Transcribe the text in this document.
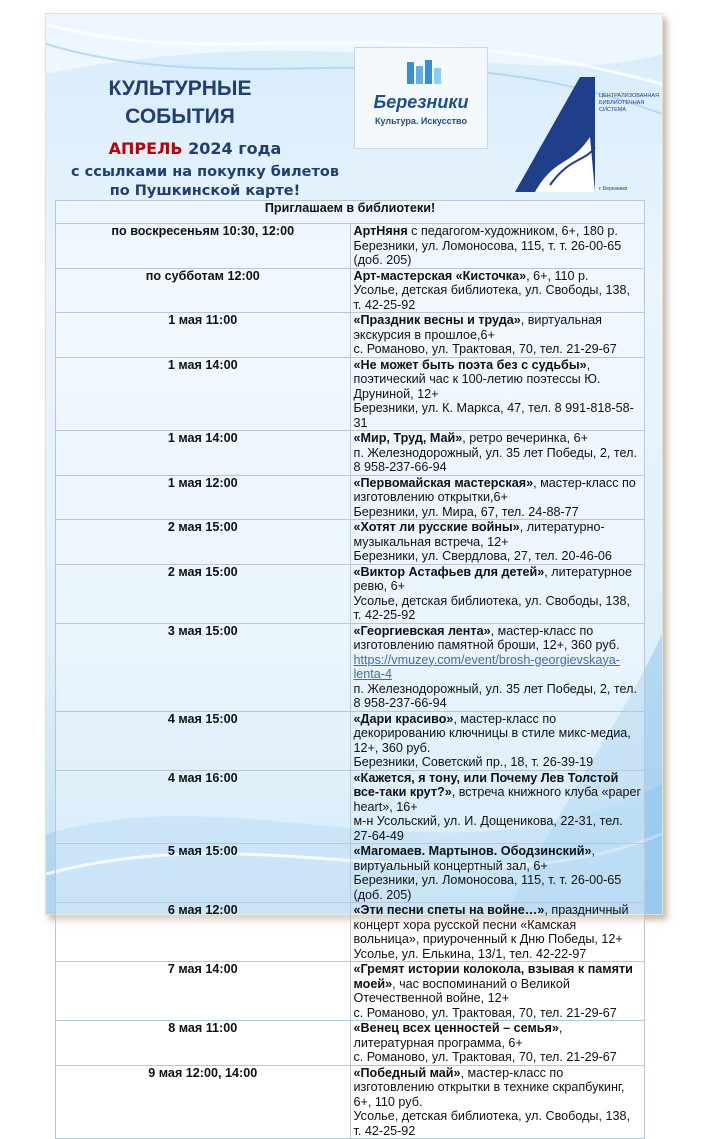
КУЛЬТУРНЫЕ
СОБЫТИЯ
АПРЕЛЬ 2024 года
с ссылками на покупку билетов
по Пушкинской карте!
Березники
Культура. Искусство
ЦЕНТРАЛИЗОВАННАЯ
БИБЛИОТЕЧНАЯ
СИСТЕМА
г. Березники
Приглашаем в библиотеки!	
по воскресеньям 10:30, 12:00	АртНяня с педагогом-художником, 6+, 180 р.
Березники, ул. Ломоносова, 115, т. т. 26-00-65 (доб. 205)

по субботам 12:00	Арт-мастерская «Кисточка», 6+, 110 р.
Усолье, детская библиотека, ул. Свободы, 138, т. 42-25-92

1 мая 11:00	«Праздник весны и труда», виртуальная экскурсия в прошлое,6+
с. Романово, ул. Трактовая, 70, тел. 21-29-67

1 мая 14:00	«Не может быть поэта без с судьбы», поэтический час к 100-летию поэтессы Ю. Друниной, 12+
Березники, ул. К. Маркса, 47, тел. 8 991-818-58-31

1 мая 14:00	«Мир, Труд, Май», ретро вечеринка, 6+
п. Железнодорожный, ул. 35 лет Победы, 2, тел. 8 958-237-66-94

1 мая 12:00	«Первомайская мастерская», мастер-класс по изготовлению открытки,6+
Березники, ул. Мира, 67, тел. 24-88-77

2 мая 15:00	«Хотят ли русские войны», литературно- музыкальная встреча, 12+
Березники, ул. Свердлова, 27, тел. 20-46-06

2 мая 15:00	«Виктор Астафьев для детей», литературное ревю, 6+
Усолье, детская библиотека, ул. Свободы, 138, т. 42-25-92

3 мая 15:00	«Георгиевская лента», мастер-класс по изготовлению памятной броши, 12+, 360 руб. https://vmuzey.com/event/brosh-georgievskaya-lenta-4
п. Железнодорожный, ул. 35 лет Победы, 2, тел. 8 958-237-66-94

4 мая 15:00	«Дари красиво», мастер-класс по декорированию ключницы в стиле микс-медиа, 12+, 360 руб.
Березники, Советский пр., 18, т. 26-39-19

4 мая 16:00	«Кажется, я тону, или Почему Лев Толстой все-таки крут?», встреча книжного клуба «paper heart», 16+
м-н Усольский, ул. И. Дощеникова, 22-31, тел. 27-64-49

5 мая 15:00	«Магомаев. Мартынов. Ободзинский», виртуальный концертный зал, 6+
Березники, ул. Ломоносова, 115, т. т. 26-00-65 (доб. 205)

6 мая 12:00	«Эти песни спеты на войне…», праздничный концерт хора русской песни «Камская вольница», приуроченный к Дню Победы, 12+
Усолье, ул. Елькина, 13/1, тел. 42-22-97

7 мая 14:00	«Гремят истории колокола, взывая к памяти моей», час воспоминаний о Великой Отечественной войне, 12+
с. Романово, ул. Трактовая, 70, тел. 21-29-67

8 мая 11:00	«Венец всех ценностей – семья», литературная программа, 6+
с. Романово, ул. Трактовая, 70, тел. 21-29-67

9 мая 12:00, 14:00	«Победный май», мастер-класс по изготовлению открытки в технике скрапбукинг, 6+, 110 руб.
Усолье, детская библиотека, ул. Свободы, 138, т. 42-25-92
